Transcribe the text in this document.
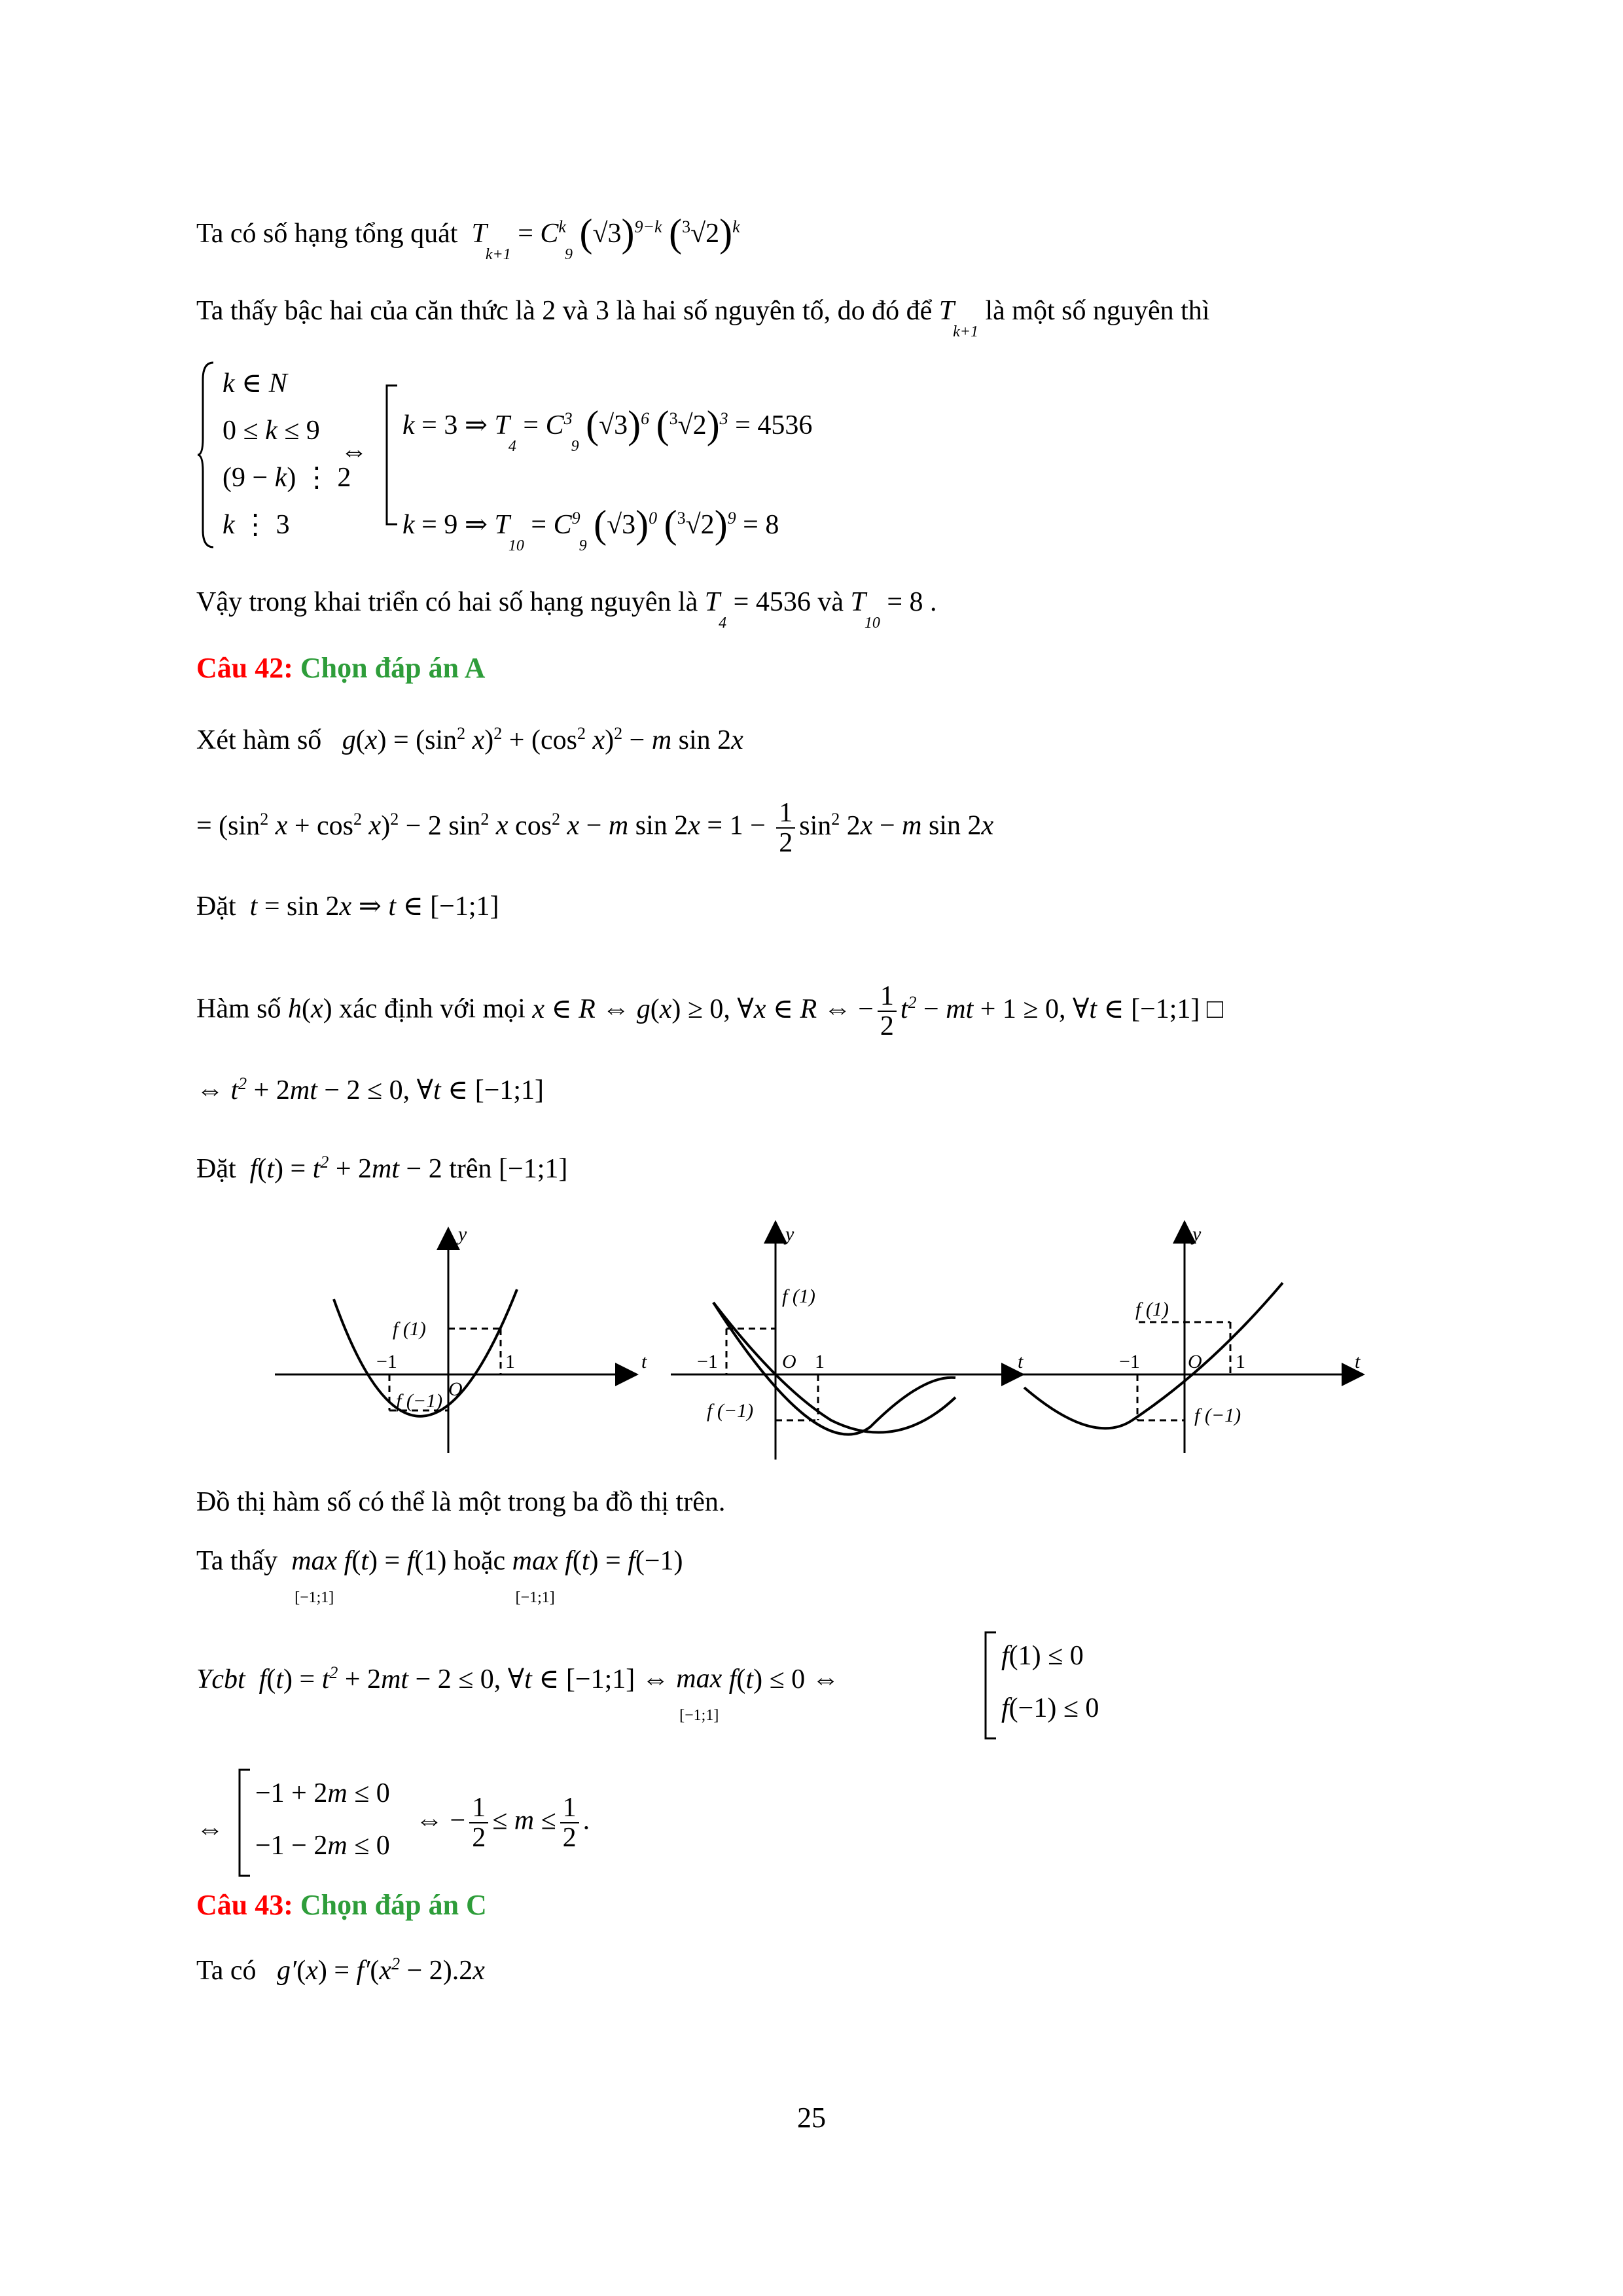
Ta có số hạng tổng quát  $Tk+1 = C^k9$ $(√3)^{9-k}$ $(^3√2)^k$
Ta thấy bậc hai của căn thức là 2 và 3 là hai số nguyên tố, do đó để Tk+1 là một số nguyên thì
k ∈ N
0 ≤ k ≤ 9
(9 − k) ⋮ 2
k ⋮ 3
⇔
k = 3 ⇒ $T4 = C^39$ $(√3)^6$ $(^3√2)^3 = 4536$
k = 9 ⇒ $T10 = C^99$ $(√3)^0$ $(^3√2)^9 = 8$
Vậy trong khai triển có hai số hạng nguyên là T4 = 4536 và T10 = 8 .
Câu 42: Chọn đáp án A
Xét hàm số   $g(x) = (\sin^2$ $x)^2 + (\cos^2$ x)$^2$ − m sin 2x
= ($\sin^2$ $x + \cos^2 x)^2 - 2$ $\sin^2 x$ $\cos^2 x - m$ $\sin 2x = 1 - \frac{1}{2} \sin^2 2x - m$ sin 2x
Đặt  t = sin 2x ⇒ t ∈ [−1;1]
Hàm số h(x) xác định với mọi x ∈ R ⇔ g(x) ≥ 0, ∀x ∈ R ⇔ − $\frac{1}{2} t^2$ − mt + 1 ≥ 0, ∀t ∈ [−1;1] □
⇔ $t^2 + 2mt - 2 \le 0$, ∀t ∈ [−1;1]
Đặt  $f(t) = t^2 + 2mt - 2$ trên [−1;1]
y
t
O
−1	1
f (1)
f (−1)
y
t
O
−1	1
f (1)
f (−1)
y
t
O
−1	1
f (1)
f (−1)
Đồ thị hàm số có thể là một trong ba đồ thị trên.
Ta thấy max
[−1;1] f(t) = f(1) hoặc max
[−1;1] f(t) = f(−1)
Ycbt  $f(t) = t^2 + 2mt - 2 \le 0$, ∀t ∈ [−1;1] ⇔ max
[−1;1] f(t) ≤ 0 ⇔
f(1) ≤ 0
f(−1) ≤ 0
⇔
−1 + 2m ≤ 0
−1 − 2m ≤ 0
⇔ − $\frac{1}{2} \le m \le \frac{1}{2}$ .
Câu 43: Chọn đáp án C
Ta có   $g'(x) = f'(x^2 - 2).2x$
25
